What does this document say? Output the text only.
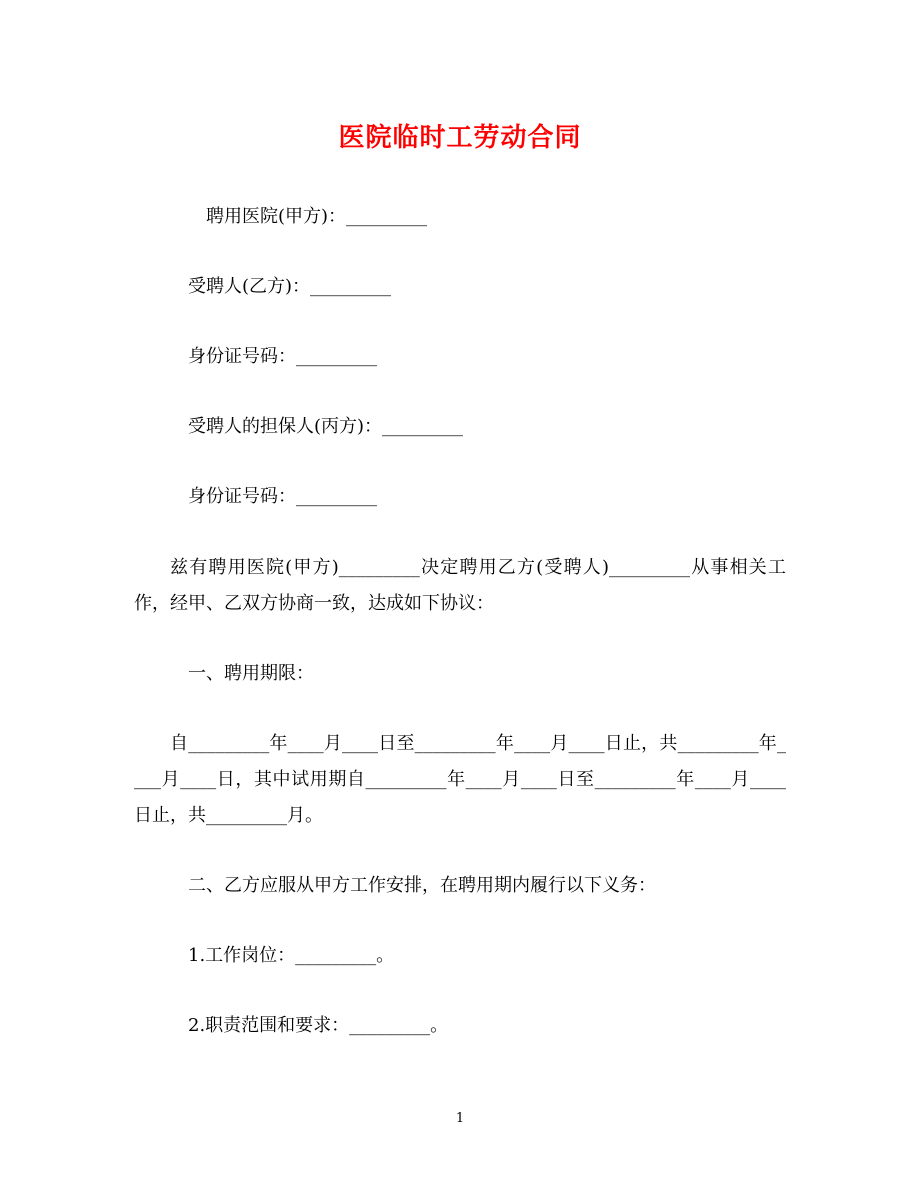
医院临时工劳动合同
聘用医院(甲方)：_________
受聘人(乙方)：_________
身份证号码：_________
受聘人的担保人(丙方)：_________
身份证号码：_________
兹有聘用医院(甲方)_________决定聘用乙方(受聘人)_________从事相关工作，经甲、乙双方协商一致，达成如下协议：
一、聘用期限：
自_________年____月____日至_________年____月____日止，共_________年____月____日，其中试用期自_________年____月____日至_________年____月____日止，共_________月。
二、乙方应服从甲方工作安排，在聘用期内履行以下义务：
1.工作岗位：_________。
2.职责范围和要求：_________。
1
